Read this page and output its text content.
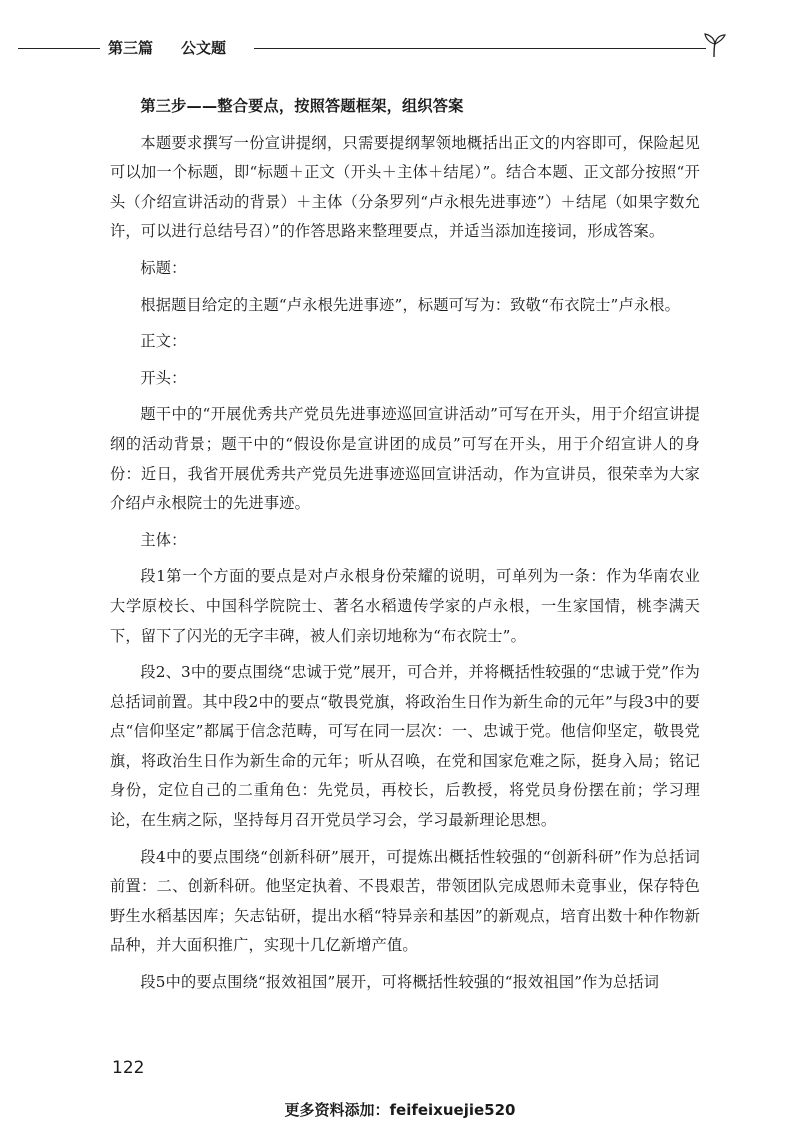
第三篇 公文题

第三步——整合要点，按照答题框架，组织答案

本题要求撰写一份宣讲提纲，只需要提纲挈领地概括出正文的内容即可，保险起见可以加一个标题，即“标题＋正文（开头＋主体＋结尾）”。结合本题、正文部分按照“开头（介绍宣讲活动的背景）＋主体（分条罗列“卢永根先进事迹”）＋结尾（如果字数允许，可以进行总结号召）”的作答思路来整理要点，并适当添加连接词，形成答案。

标题：

根据题目给定的主题“卢永根先进事迹”，标题可写为：致敬“布衣院士”卢永根。

正文：

开头：

题干中的“开展优秀共产党员先进事迹巡回宣讲活动”可写在开头，用于介绍宣讲提纲的活动背景；题干中的“假设你是宣讲团的成员”可写在开头，用于介绍宣讲人的身份：近日，我省开展优秀共产党员先进事迹巡回宣讲活动，作为宣讲员，很荣幸为大家介绍卢永根院士的先进事迹。

主体：

段1第一个方面的要点是对卢永根身份荣耀的说明，可单列为一条：作为华南农业大学原校长、中国科学院院士、著名水稻遗传学家的卢永根，一生家国情，桃李满天下，留下了闪光的无字丰碑，被人们亲切地称为“布衣院士”。

段2、3中的要点围绕“忠诚于党”展开，可合并，并将概括性较强的“忠诚于党”作为总括词前置。其中段2中的要点“敬畏党旗，将政治生日作为新生命的元年”与段3中的要点“信仰坚定”都属于信念范畴，可写在同一层次：一、忠诚于党。他信仰坚定，敬畏党旗，将政治生日作为新生命的元年；听从召唤，在党和国家危难之际，挺身入局；铭记身份，定位自己的二重角色：先党员，再校长，后教授，将党员身份摆在前；学习理论，在生病之际，坚持每月召开党员学习会，学习最新理论思想。

段4中的要点围绕“创新科研”展开，可提炼出概括性较强的“创新科研”作为总括词前置：二、创新科研。他坚定执着、不畏艰苦，带领团队完成恩师未竟事业，保存特色野生水稻基因库；矢志钻研，提出水稻“特异亲和基因”的新观点，培育出数十种作物新品种，并大面积推广，实现十几亿新增产值。

段5中的要点围绕“报效祖国”展开，可将概括性较强的“报效祖国”作为总括词

122
更多资料添加：feifeixuejie520
